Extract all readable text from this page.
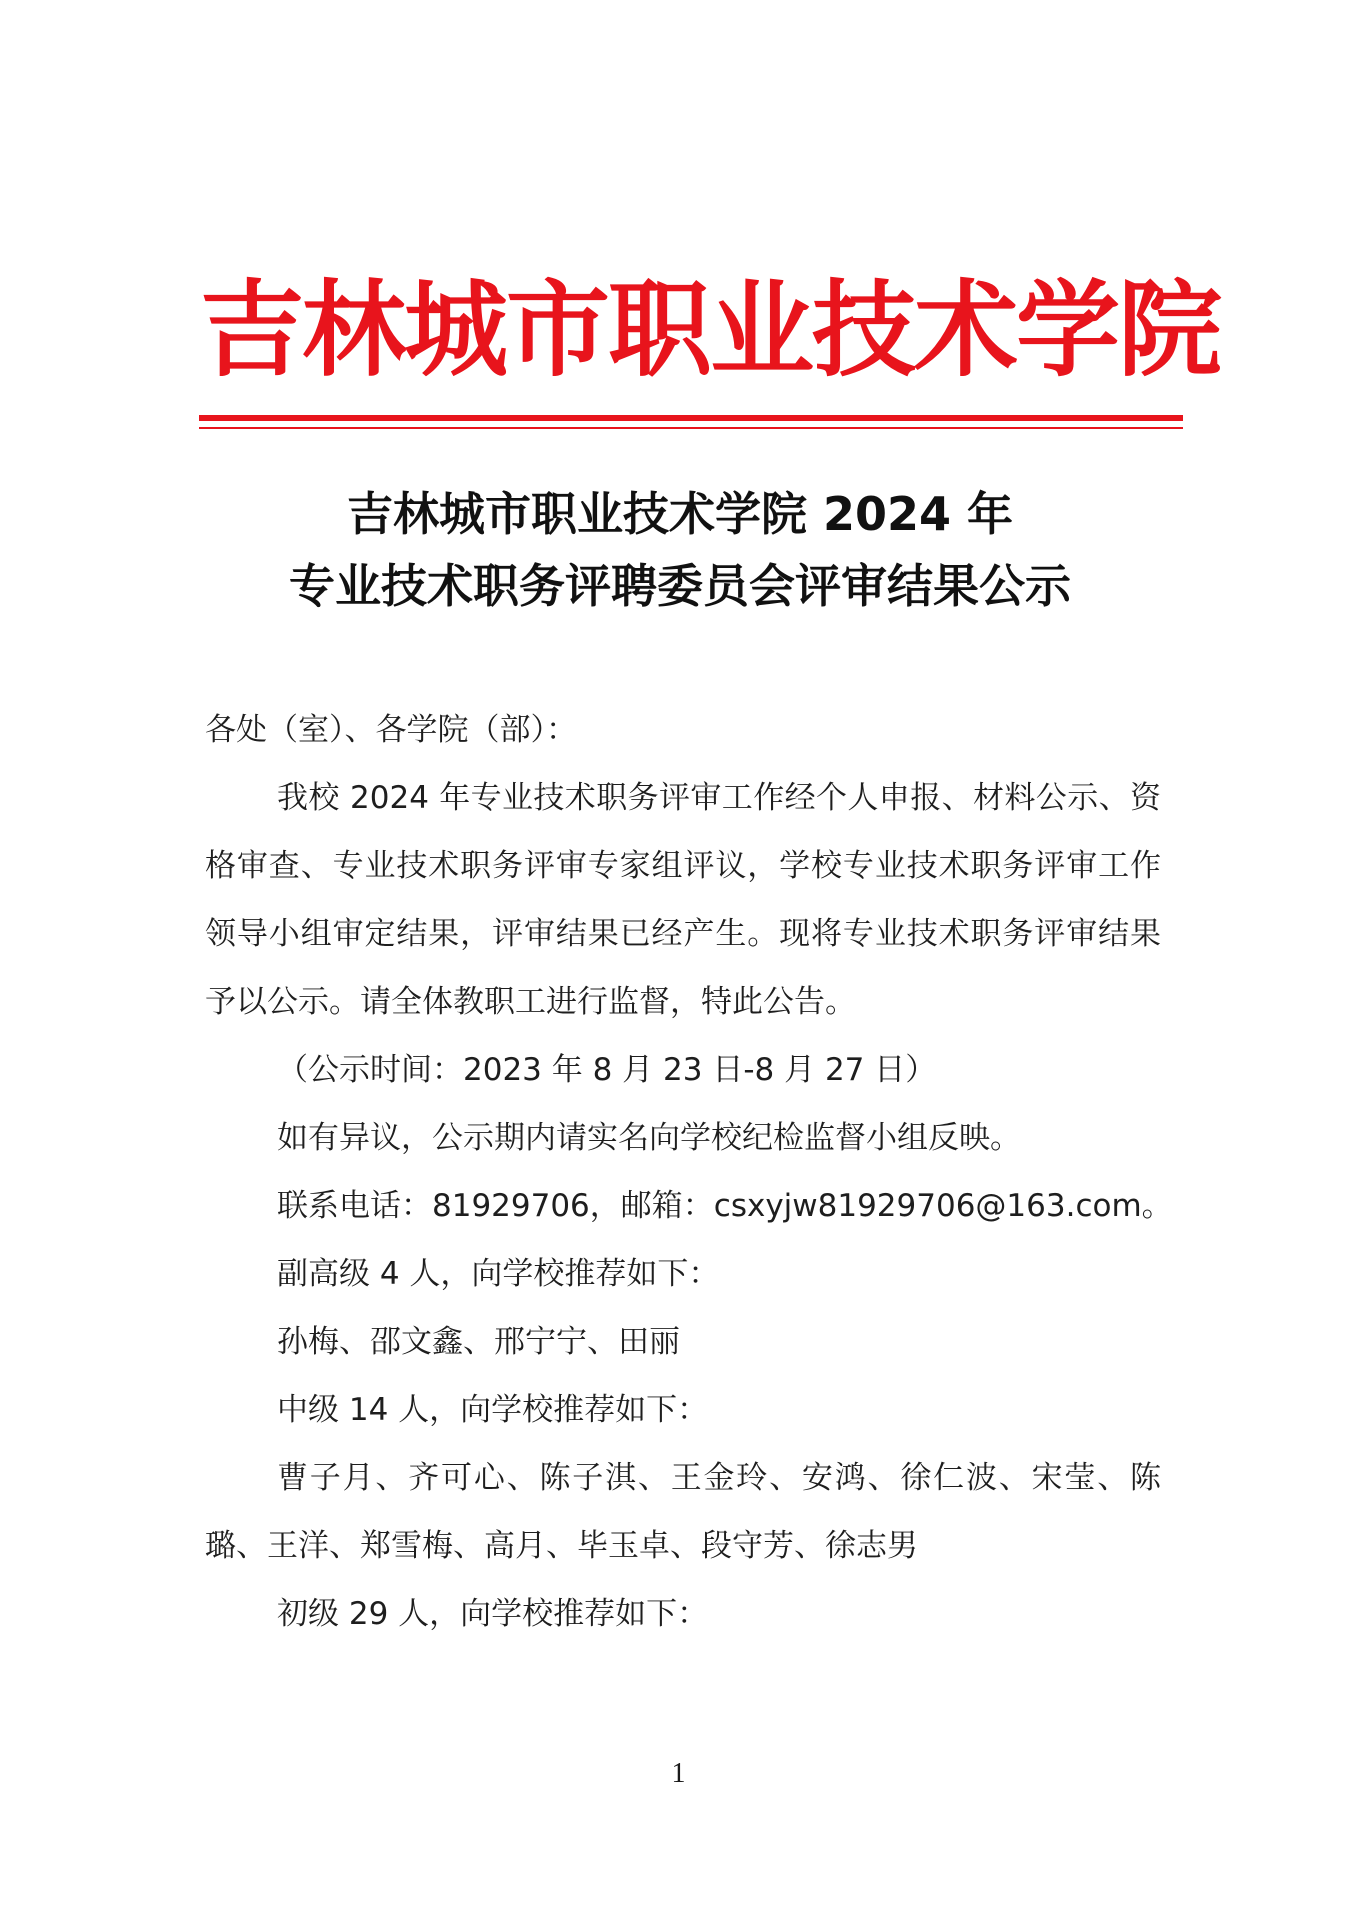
吉林城市职业技术学院
吉林城市职业技术学院 2024 年
专业技术职务评聘委员会评审结果公示

各处（室）、各学院（部）：

我校 2024 年专业技术职务评审工作经个人申报、材料公示、资格审查、专业技术职务评审专家组评议，学校专业技术职务评审工作领导小组审定结果，评审结果已经产生。现将专业技术职务评审结果予以公示。请全体教职工进行监督，特此公告。

（公示时间：2023 年 8 月 23 日-8 月 27 日）

如有异议，公示期内请实名向学校纪检监督小组反映。

联系电话：81929706，邮箱：csxyjw81929706@163.com。

副高级 4 人，向学校推荐如下：

孙梅、邵文鑫、邢宁宁、田丽

中级 14 人，向学校推荐如下：

曹子月、齐可心、陈子淇、王金玲、安鸿、徐仁波、宋莹、陈璐、王洋、郑雪梅、高月、毕玉卓、段守芳、徐志男

初级 29 人，向学校推荐如下：

1
